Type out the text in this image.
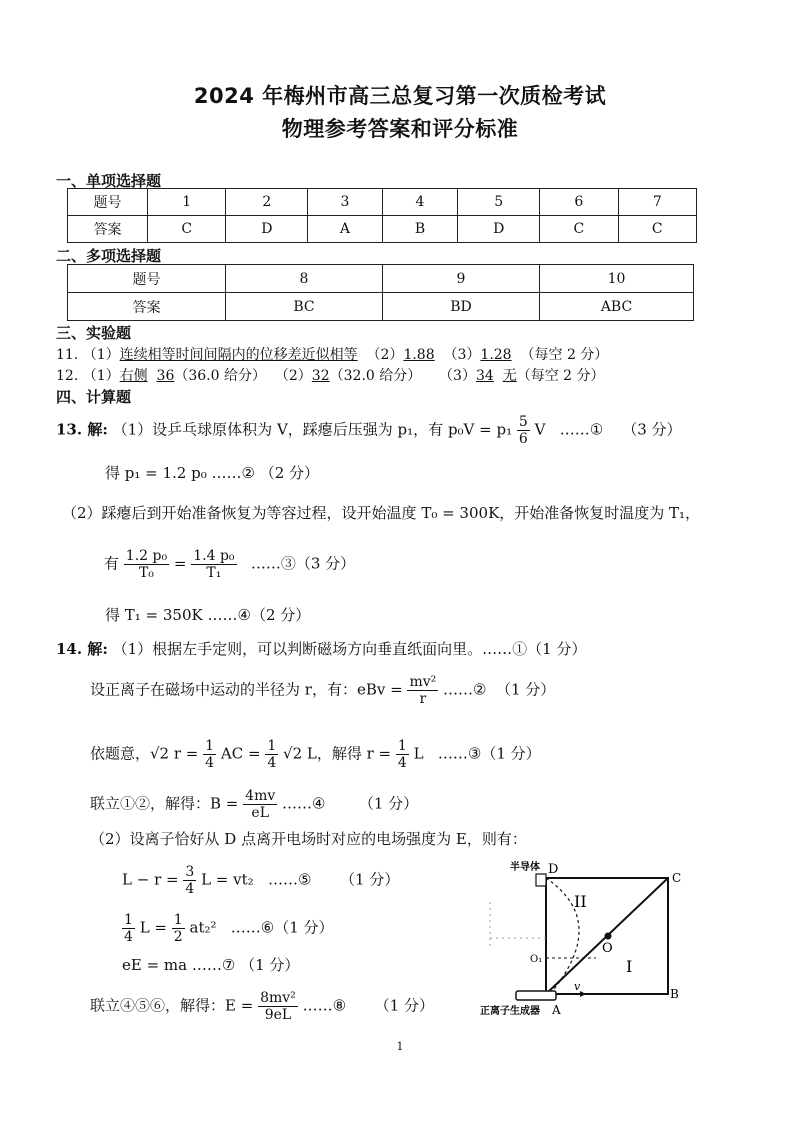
2024 年梅州市高三总复习第一次质检考试
物理参考答案和评分标准
一、单项选择题
题号	1	2	3	4	5	6	7
答案	C	D	A	B	D	C	C
二、多项选择题
题号	8	9	10
答案	BC	BD	ABC
三、实验题
11. （1）连续相等时间间隔内的位移差近似相等  （2）1.88  （3）1.28  （每空 2 分）
12. （1）右侧 36（36.0 给分）  （2）32（32.0 给分）    （3）34 无（每空 2 分）
四、计算题
13. 解: （1）设乒乓球原体积为 V，踩瘪后压强为 p₁，有 $p_0V = p_1 \frac{5}{6}$ V   ……①    （3 分）
得 p₁ = 1.2 p₀ ……② （2 分）
（2）踩瘪后到开始准备恢复为等容过程，设开始温度 T₀ = 300K，开始准备恢复时温度为 T₁，
有 $\frac{\text{1.2 p₀}}{\text{T₀}} = \frac{\text{1.4 p₀}}{\text{T₁}}$ ……③（3 分）
得 T₁ = 350K ……④（2 分）
14. 解: （1）根据左手定则，可以判断磁场方向垂直纸面向里。……①（1 分）
设正离子在磁场中运动的半径为 r，有：eBv = $\frac{\text{mv²}}{r}$ ……②  （1 分）
依题意，√2 $r = \frac{1}{4}$ AC = $\frac{1}{4} √2$ L，解得 $r = \frac{1}{4}$ L   ……③（1 分）
联立①②，解得：$B = \frac{4mv}{eL}$ ……④       （1 分）
（2）设离子恰好从 D 点离开电场时对应的电场强度为 E，则有：
$L - r = \frac{3}{4}$ L = vt₂   ……⑤      （1 分）
$\frac{1}{4}$ $L = \frac{1}{2} at_2^2$   ……⑥（1 分）
eE = ma ……⑦ （1 分）
联立④⑤⑥，解得：$E = \frac{\text{8mv²}}{9eL}$ ……⑧      （1 分）
半导体 D
C
II
O
O₁	I
v
B
正离子生成器 A
1
